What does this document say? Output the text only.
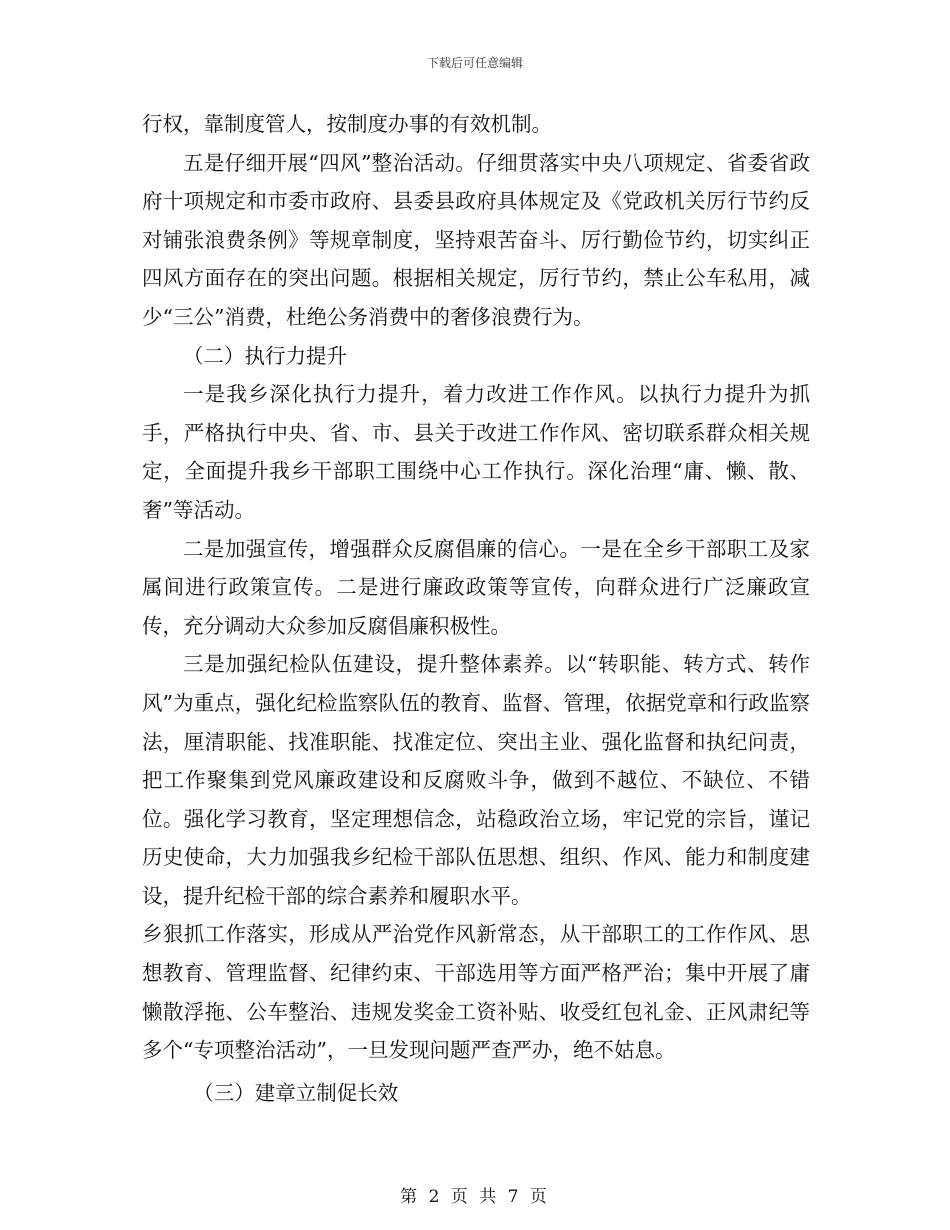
下载后可任意编辑

行权，靠制度管人，按制度办事的有效机制。

五是仔细开展“四风”整治活动。仔细贯落实中央八项规定、省委省政府十项规定和市委市政府、县委县政府具体规定及《党政机关厉行节约反对铺张浪费条例》等规章制度，坚持艰苦奋斗、厉行勤俭节约，切实纠正四风方面存在的突出问题。根据相关规定，厉行节约，禁止公车私用，减少“三公”消费，杜绝公务消费中的奢侈浪费行为。

（二）执行力提升

一是我乡深化执行力提升，着力改进工作作风。以执行力提升为抓手，严格执行中央、省、市、县关于改进工作作风、密切联系群众相关规定，全面提升我乡干部职工围绕中心工作执行。深化治理“庸、懒、散、奢”等活动。

二是加强宣传，增强群众反腐倡廉的信心。一是在全乡干部职工及家属间进行政策宣传。二是进行廉政政策等宣传，向群众进行广泛廉政宣传，充分调动大众参加反腐倡廉积极性。

三是加强纪检队伍建设，提升整体素养。以“转职能、转方式、转作风”为重点，强化纪检监察队伍的教育、监督、管理，依据党章和行政监察法，厘清职能、找准职能、找准定位、突出主业、强化监督和执纪问责，把工作聚集到党风廉政建设和反腐败斗争，做到不越位、不缺位、不错位。强化学习教育，坚定理想信念，站稳政治立场，牢记党的宗旨，谨记历史使命，大力加强我乡纪检干部队伍思想、组织、作风、能力和制度建设，提升纪检干部的综合素养和履职水平。

乡狠抓工作落实，形成从严治党作风新常态，从干部职工的工作作风、思想教育、管理监督、纪律约束、干部选用等方面严格严治；集中开展了庸懒散浮拖、公车整治、违规发奖金工资补贴、收受红包礼金、正风肃纪等多个“专项整治活动”，一旦发现问题严查严办，绝不姑息。

（三）建章立制促长效

第 2 页 共 7 页
